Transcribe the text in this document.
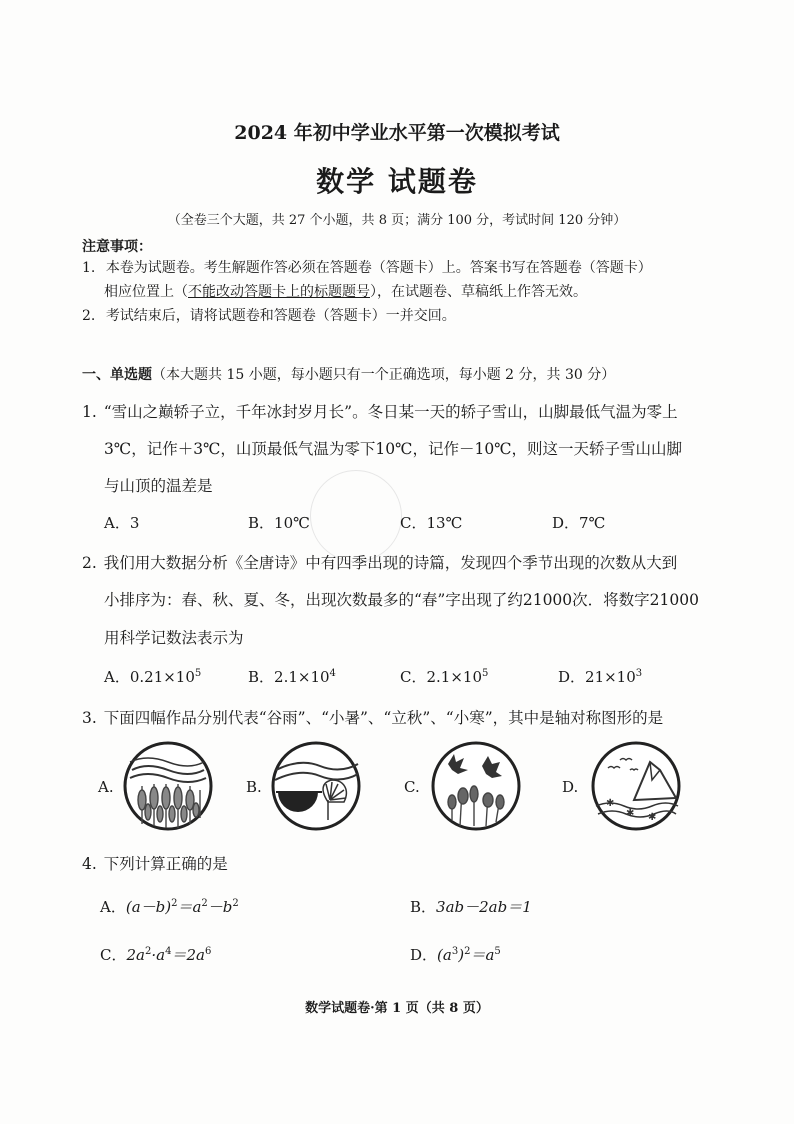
2024 年初中学业水平第一次模拟考试
数学 试题卷
（全卷三个大题，共 27 个小题，共 8 页；满分 100 分，考试时间 120 分钟）
注意事项：
1. 本卷为试题卷。考生解题作答必须在答题卷（答题卡）上。答案书写在答题卷（答题卡）
相应位置上（不能改动答题卡上的标题题号），在试题卷、草稿纸上作答无效。
2. 考试结束后，请将试题卷和答题卷（答题卡）一并交回。
一、单选题（本大题共 15 小题，每小题只有一个正确选项，每小题 2 分，共 30 分）
1. “雪山之巅轿子立，千年冰封岁月长”。冬日某一天的轿子雪山，山脚最低气温为零上
3℃，记作＋3℃，山顶最低气温为零下10℃，记作－10℃，则这一天轿子雪山山脚
与山顶的温差是
A．3	B．10℃	C．13℃	D．7℃
2. 我们用大数据分析《全唐诗》中有四季出现的诗篇，发现四个季节出现的次数从大到
小排序为：春、秋、夏、冬，出现次数最多的“春”字出现了约21000次．将数字21000
用科学记数法表示为
A．$0.21\times 10^5$	B．$2.1\times 10^4$	C．$2.1\times 10^5$	D．$21\times 10^3$
3. 下面四幅作品分别代表“谷雨”、“小暑”、“立秋”、“小寒”，其中是轴对称图形的是
A.	B.	C.	D.
✱
✱ ✱
4. 下列计算正确的是
A．$(a-b)^2=a^2-b^2$	B．3ab－2ab＝1
C．$2a^2\cdot a^4=2a^6$	D．$(a^3)^2=a^5$
数学试题卷·第 1 页（共 8 页）
